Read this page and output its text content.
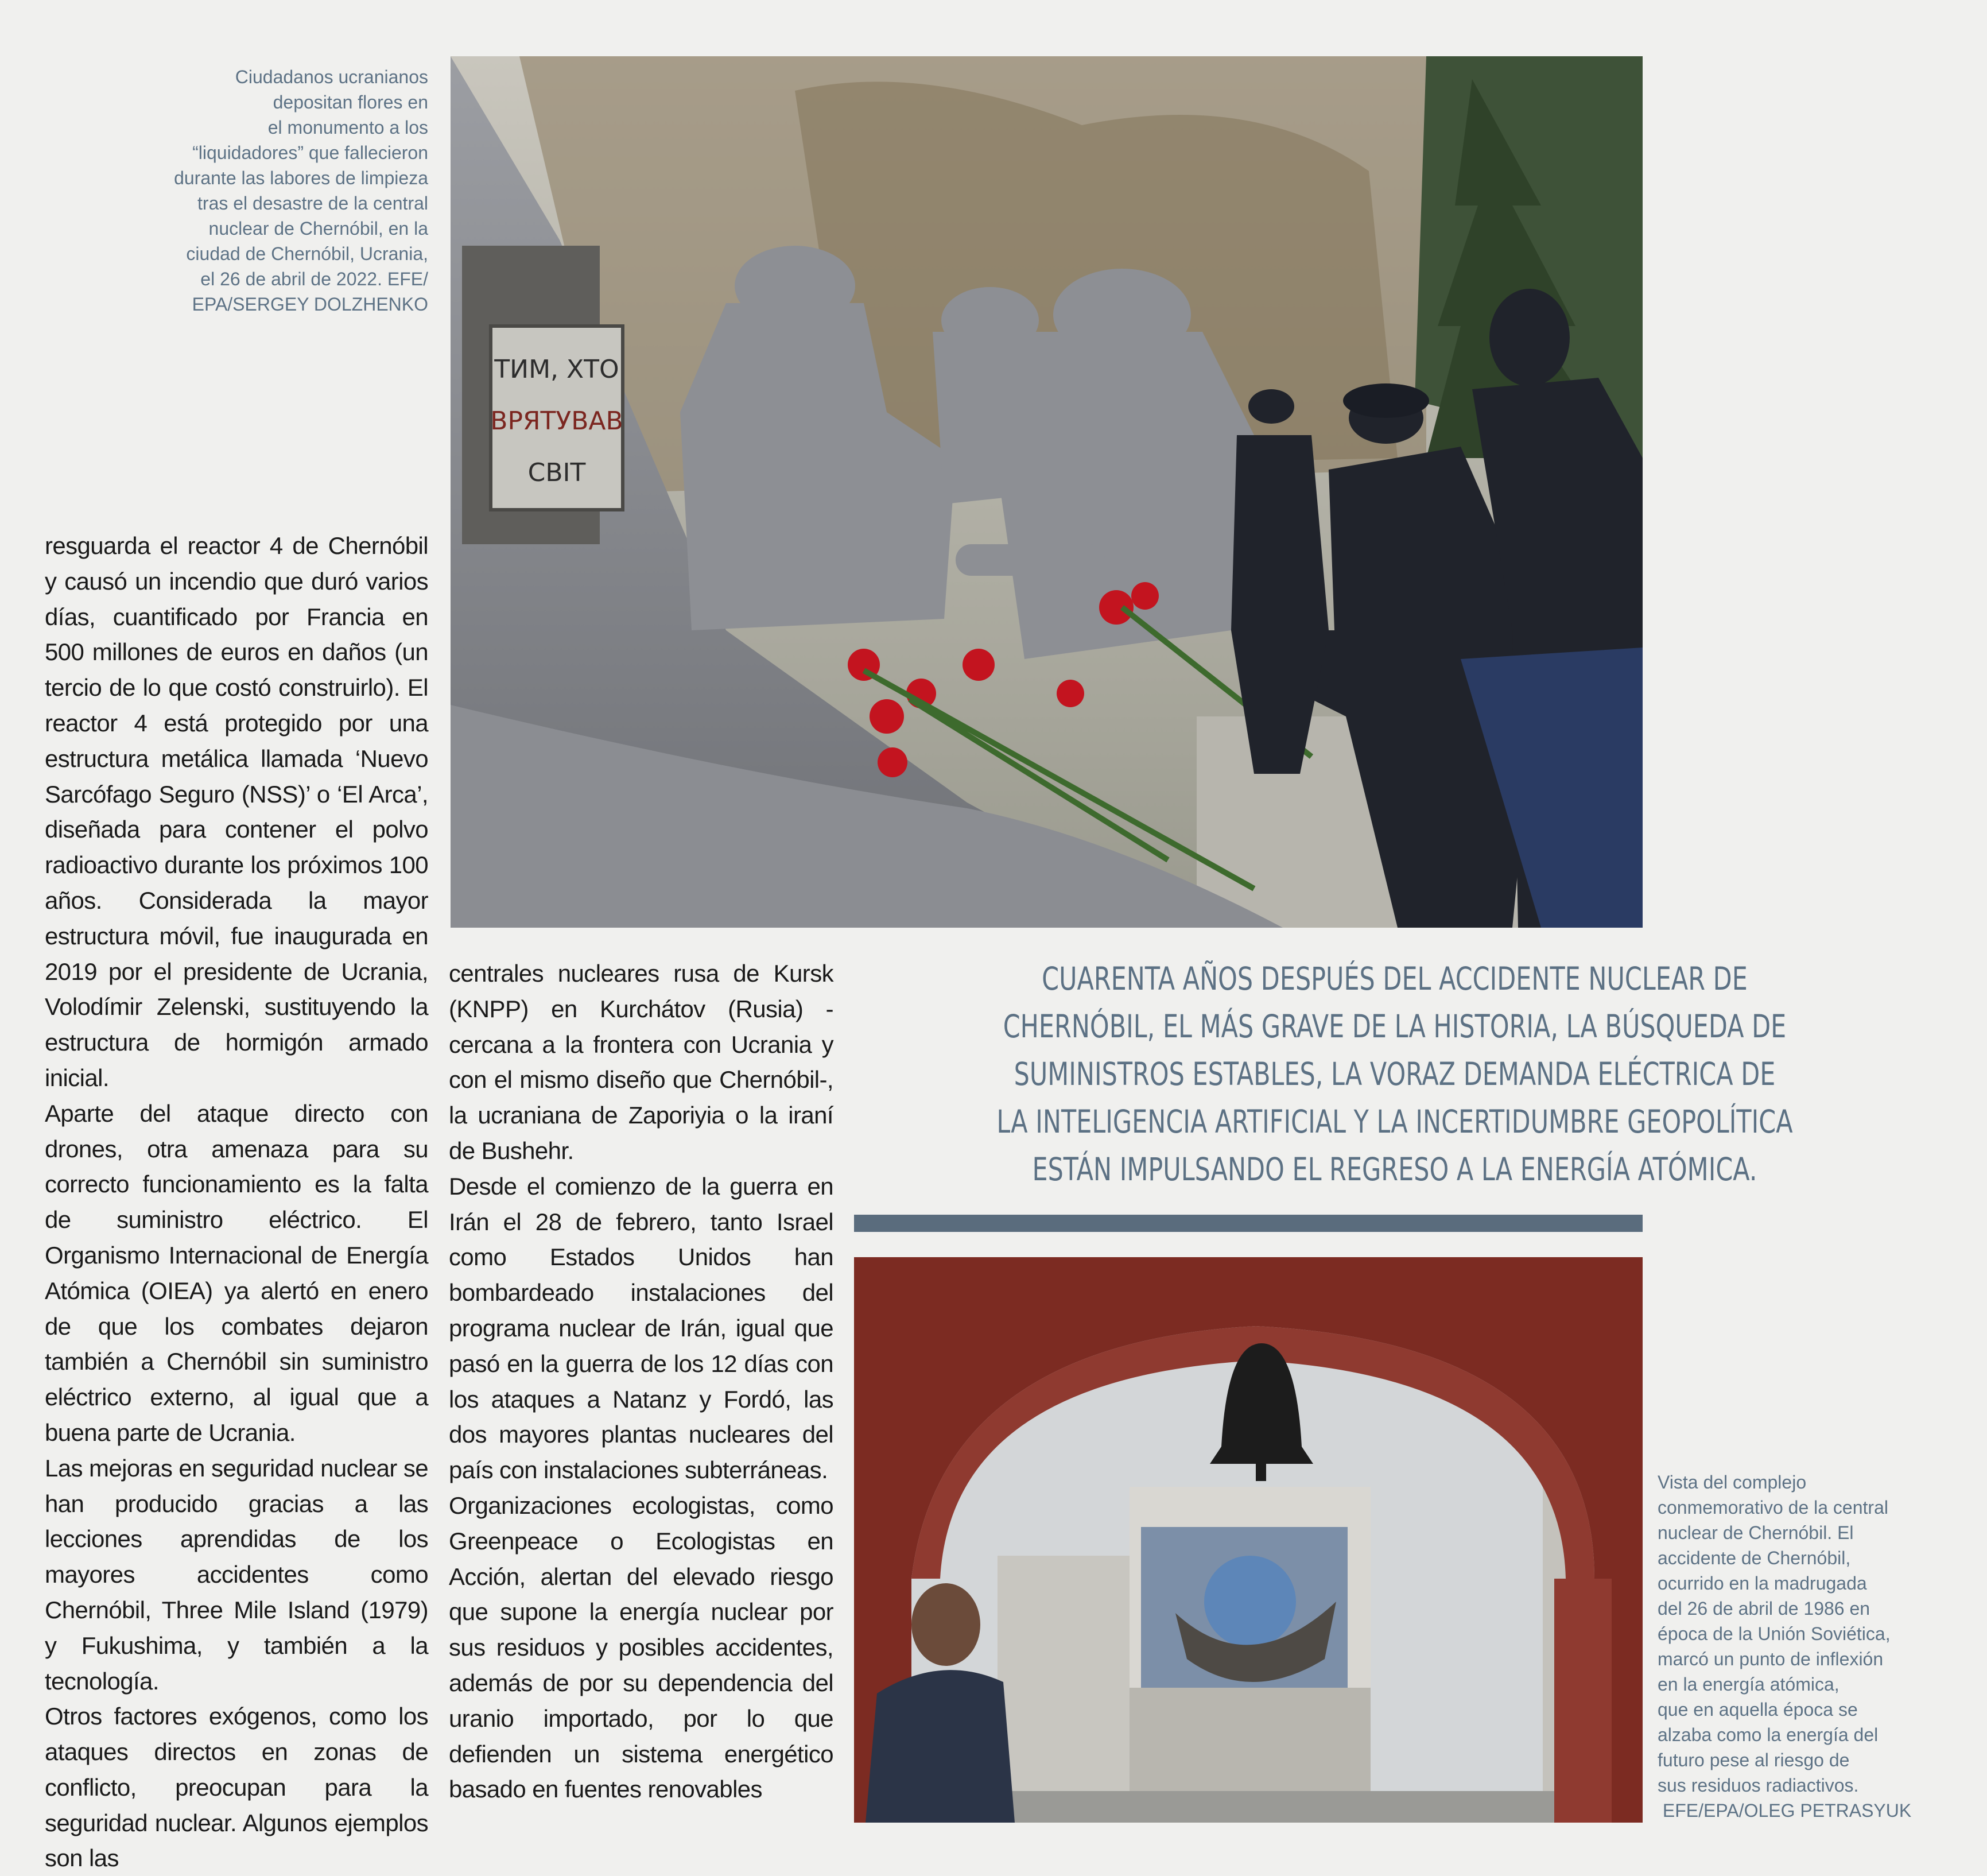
Ciudadanos ucranianos
depositan flores en
el monumento a los
“liquidadores” que fallecieron
durante las labores de limpieza
tras el desastre de la central
nuclear de Chernóbil, en la
ciudad de Chernóbil, Ucrania,
el 26 de abril de 2022. EFE/
EPA/SERGEY DOLZHENKO
ТИМ, ХТО
ВРЯТУВАВ
СВІТ

resguarda el reactor 4 de Chernóbil y causó un incendio que duró varios días, cuantificado por Francia en 500 millones de euros en daños (un tercio de lo que costó construirlo). El reactor 4 está protegido por una estructura metálica llamada ‘Nuevo Sarcófago Seguro (NSS)’ o ‘El Arca’, diseñada para contener el polvo radioactivo durante los próximos 100 años. Considerada la mayor estructura móvil, fue inaugurada en 2019 por el presidente de Ucrania, Volodímir Zelenski, sustituyendo la estructura de hormigón armado inicial.

Aparte del ataque directo con drones, otra amenaza para su correcto funcionamiento es la falta de suministro eléctrico. El Organismo Internacional de Energía Atómica (OIEA) ya alertó en enero de que los combates dejaron también a Chernóbil sin suministro eléctrico externo, al igual que a buena parte de Ucrania.

Las mejoras en seguridad nuclear se han producido gracias a las lecciones aprendidas de los mayores accidentes como Chernóbil, Three Mile Island (1979) y Fukushima, y también a la tecnología.

Otros factores exógenos, como los ataques directos en zonas de conflicto, preocupan para la seguridad nuclear. Algunos ejemplos son las

centrales nucleares rusa de Kursk (KNPP) en Kurchátov (Rusia) -cercana a la frontera con Ucrania y con el mismo diseño que Chernóbil-, la ucraniana de Zaporiyia o la iraní de Bushehr.

Desde el comienzo de la guerra en Irán el 28 de febrero, tanto Israel como Estados Unidos han bombardeado instalaciones del programa nuclear de Irán, igual que pasó en la guerra de los 12 días con los ataques a Natanz y Fordó, las dos mayores plantas nucleares del país con instalaciones subterráneas.

Organizaciones ecologistas, como Greenpeace o Ecologistas en Acción, alertan del elevado riesgo que supone la energía nuclear por sus residuos y posibles accidentes, además de por su dependencia del uranio importado, por lo que defienden un sistema energético basado en fuentes renovables

CUARENTA AÑOS DESPUÉS DEL ACCIDENTE NUCLEAR DE
CHERNÓBIL, EL MÁS GRAVE DE LA HISTORIA, LA BÚSQUEDA DE
SUMINISTROS ESTABLES, LA VORAZ DEMANDA ELÉCTRICA DE
LA INTELIGENCIA ARTIFICIAL Y LA INCERTIDUMBRE GEOPOLÍTICA
ESTÁN IMPULSANDO EL REGRESO A LA ENERGÍA ATÓMICA.
Vista del complejo
conmemorativo de la central
nuclear de Chernóbil. El
accidente de Chernóbil,
ocurrido en la madrugada
del 26 de abril de 1986 en
época de la Unión Soviética,
marcó un punto de inflexión
en la energía atómica,
que en aquella época se
alzaba como la energía del
futuro pese al riesgo de
sus residuos radiactivos.
EFE/EPA/OLEG PETRASYUK
